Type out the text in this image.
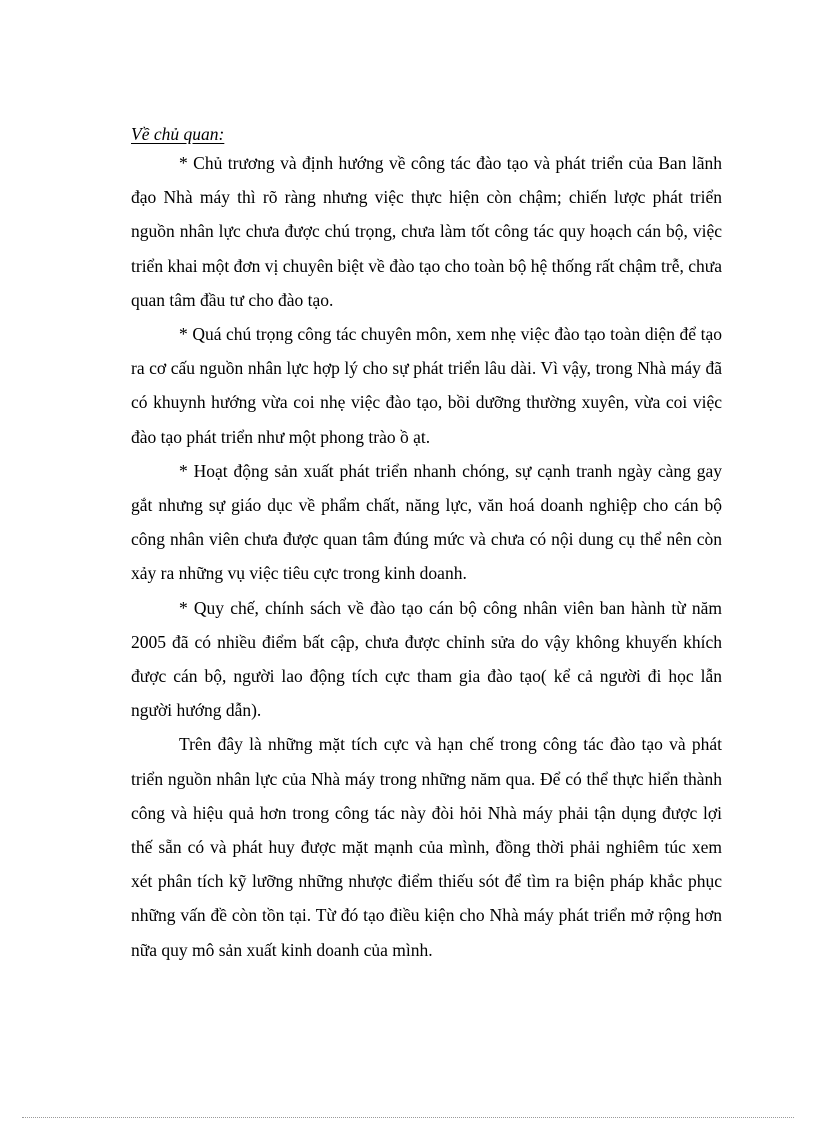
Về chủ quan:

* Chủ trương và định hướng về công tác đào tạo và phát triển của Ban lãnh đạo Nhà máy thì rõ ràng nhưng việc thực hiện còn chậm; chiến lược phát triển nguồn nhân lực chưa được chú trọng, chưa làm tốt công tác quy hoạch cán bộ, việc triển khai một đơn vị chuyên biệt về đào tạo cho toàn bộ hệ thống rất chậm trễ, chưa quan tâm đầu tư cho đào tạo.

* Quá chú trọng công tác chuyên môn, xem nhẹ việc đào tạo toàn diện để tạo ra cơ cấu nguồn nhân lực hợp lý cho sự phát triển lâu dài. Vì vậy, trong Nhà máy đã có khuynh hướng vừa coi nhẹ việc đào tạo, bồi dưỡng thường xuyên, vừa coi việc đào tạo phát triển như một phong trào ồ ạt.

* Hoạt động sản xuất phát triển nhanh chóng, sự cạnh tranh ngày càng gay gắt nhưng sự giáo dục về phẩm chất, năng lực, văn hoá doanh nghiệp cho cán bộ công nhân viên chưa được quan tâm đúng mức và chưa có nội dung cụ thể nên còn xảy ra những vụ việc tiêu cực trong kinh doanh.

* Quy chế, chính sách về đào tạo cán bộ công nhân viên ban hành từ năm 2005 đã có nhiều điểm bất cập, chưa được chỉnh sửa do vậy không khuyến khích được cán bộ, người lao động tích cực tham gia đào tạo( kể cả người đi học lẫn người hướng dẫn).

Trên đây là những mặt tích cực và hạn chế trong công tác đào tạo và phát triển nguồn nhân lực của Nhà máy trong những năm qua. Để có thể thực hiển thành công và hiệu quả hơn trong công tác này đòi hỏi Nhà máy phải tận dụng được lợi thế sẵn có và phát huy được mặt mạnh của mình, đồng thời phải nghiêm túc xem xét phân tích kỹ lưỡng những nhược điểm thiếu sót để tìm ra biện pháp khắc phục những vấn đề còn tồn tại. Từ đó tạo điều kiện cho Nhà máy phát triển mở rộng hơn nữa quy mô sản xuất kinh doanh của mình.
